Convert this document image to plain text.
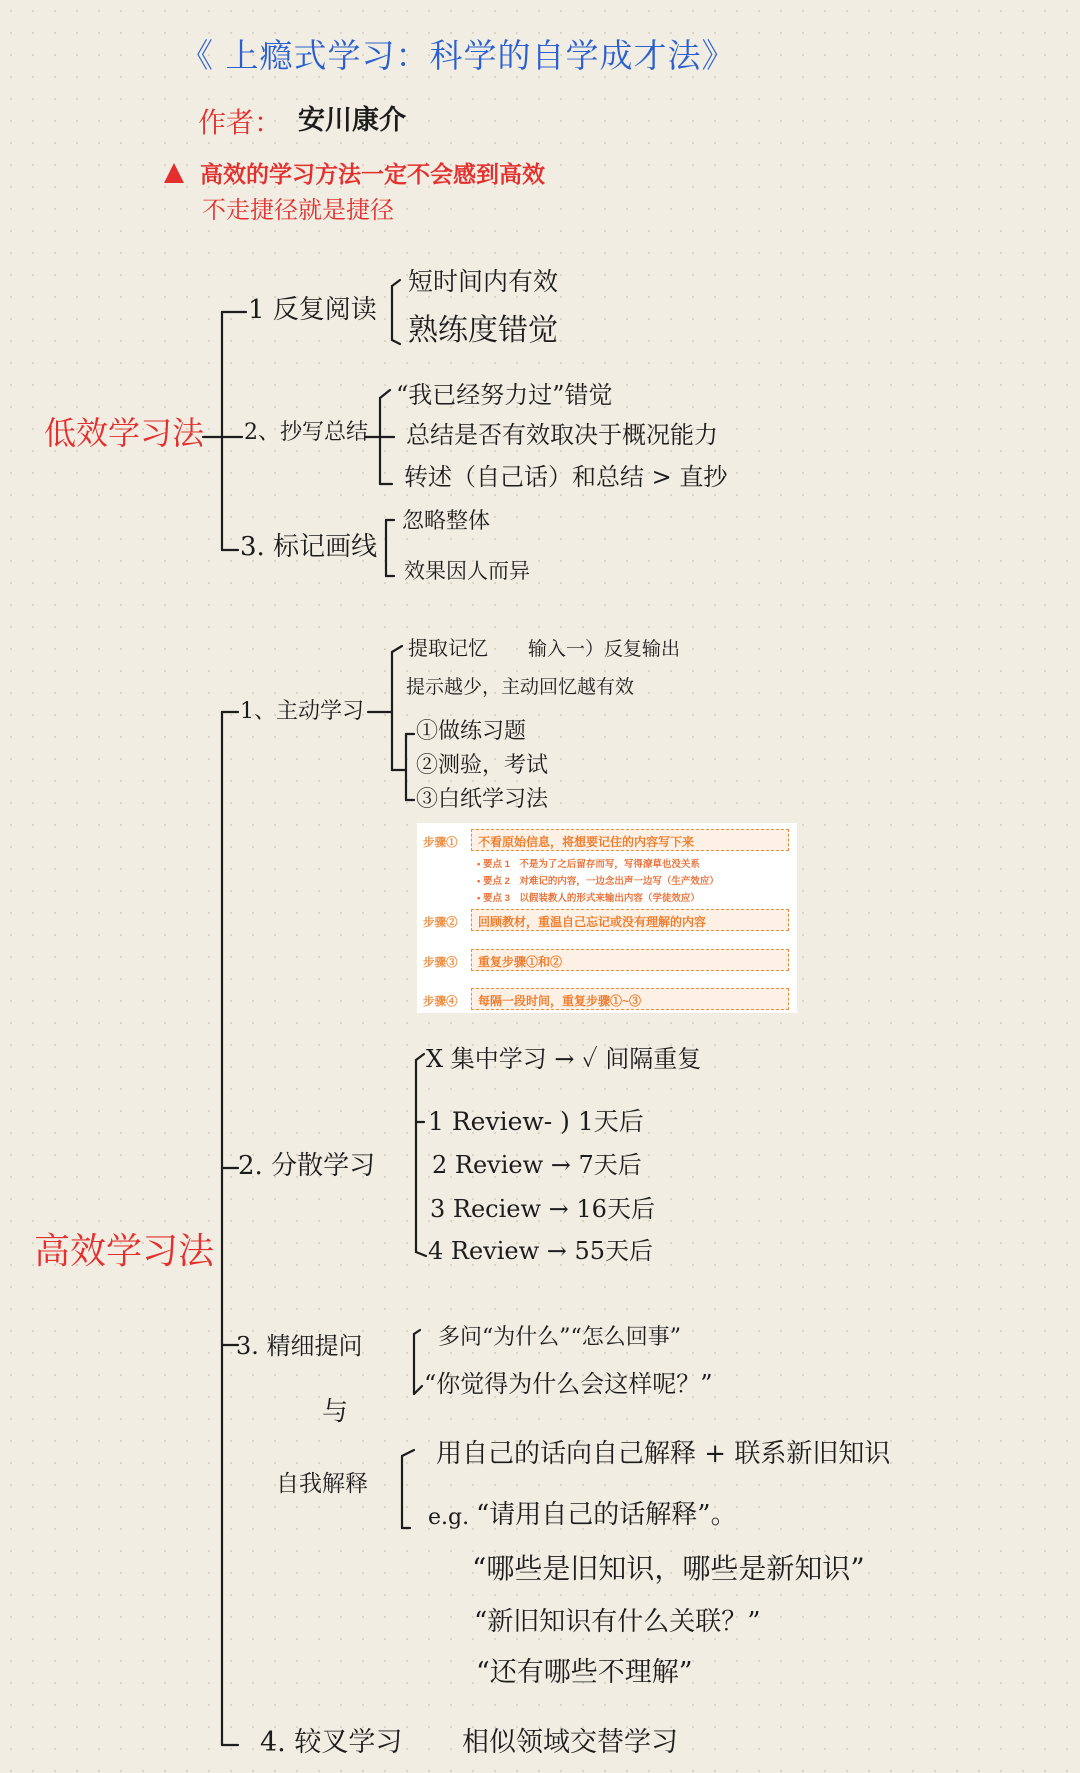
《 上瘾式学习：科学的自学成才法》
作者： 安川康介
高效的学习方法一定不会感到高效
不走捷径就是捷径
低效学习法
1 反复阅读
短时间内有效
熟练度错觉
2、抄写总结
“我已经努力过”错觉
总结是否有效取决于概况能力
转述（自己话）和总结 > 直抄
3. 标记画线
忽略整体
效果因人而异
高效学习法
1、主动学习
提取记忆 输入一）反复输出
提示越少，主动回忆越有效
①做练习题
②测验，考试
③白纸学习法
步骤①	不看原始信息，将想要记住的内容写下来
• 要点 1　不是为了之后留存而写，写得潦草也没关系
• 要点 2　对难记的内容，一边念出声一边写（生产效应）
• 要点 3　以假装教人的形式来输出内容（学徒效应）
步骤②	回顾教材，重温自己忘记或没有理解的内容
步骤③	重复步骤①和②
步骤④	每隔一段时间，重复步骤①~③
2. 分散学习
X 集中学习 → ✓ 间隔重复
1 Review- ) 1天后
2 Review → 7天后
3 Reciew → 16天后
4 Review → 55天后
3. 精细提问	多问“为什么”“怎么回事”
“你觉得为什么会这样呢？”
与
自我解释
用自己的话向自己解释 + 联系新旧知识
e.g. “请用自己的话解释”。
“哪些是旧知识，哪些是新知识”
“新旧知识有什么关联？”
“还有哪些不理解”
4. 较叉学习 相似领域交替学习
